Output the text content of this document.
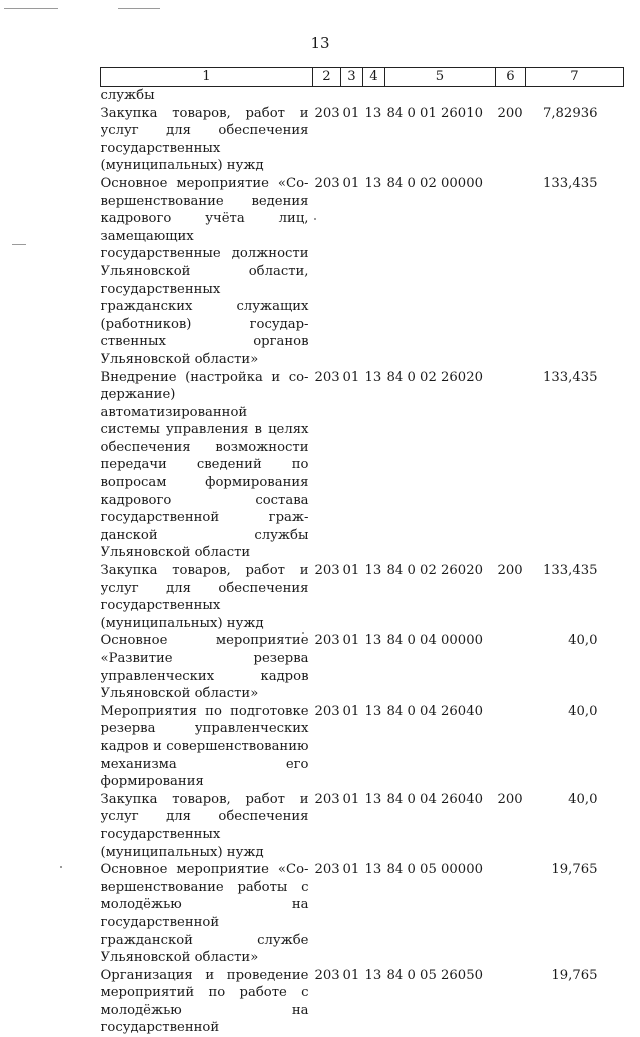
13
1	2	3	4	5	6	7
службы						
Закупка товаров, работ и услуг для обеспечения государственных (муниципальных) нужд	203	01	13	84 0 01 26010	200	7,82936
Основное мероприятие «Совершенствование ведения кадрового учёта лиц, замещающих государственные должности Ульяновской области, государственных гражданских служащих (работников) государственных органов Ульяновской области»	203	01	13	84 0 02 00000		133,435
Внедрение (настройка и содержание) автоматизированной системы управления в целях обеспечения возможности передачи сведений по вопросам формирования кадрового состава государственной гражданской службы Ульяновской области	203	01	13	84 0 02 26020		133,435
Закупка товаров, работ и услуг для обеспечения государственных (муниципальных) нужд	203	01	13	84 0 02 26020	200	133,435
Основное мероприятие «Развитие резерва управленческих кадров Ульяновской области»	203	01	13	84 0 04 00000		40,0
Мероприятия по подготовке резерва управленческих кадров и совершенствованию механизма его формирования	203	01	13	84 0 04 26040		40,0
Закупка товаров, работ и услуг для обеспечения государственных (муниципальных) нужд	203	01	13	84 0 04 26040	200	40,0
Основное мероприятие «Совершенствование работы с молодёжью на государственной гражданской службе Ульяновской области»	203	01	13	84 0 05 00000		19,765
Организация и проведение мероприятий по работе с молодёжью на государственной	203	01	13	84 0 05 26050		19,765
